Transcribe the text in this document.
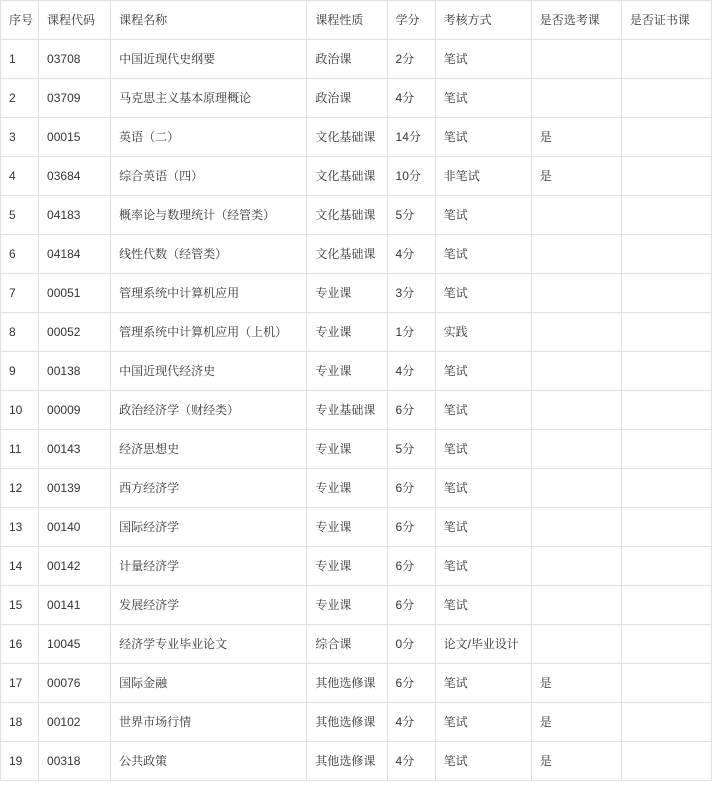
序号	课程代码	课程名称	课程性质	学分	考核方式	是否选考课	是否证书课
1	03708	中国近现代史纲要	政治课	2分	笔试		
2	03709	马克思主义基本原理概论	政治课	4分	笔试		
3	00015	英语（二）	文化基础课	14分	笔试	是	
4	03684	综合英语（四）	文化基础课	10分	非笔试	是	
5	04183	概率论与数理统计（经管类）	文化基础课	5分	笔试		
6	04184	线性代数（经管类）	文化基础课	4分	笔试		
7	00051	管理系统中计算机应用	专业课	3分	笔试		
8	00052	管理系统中计算机应用（上机）	专业课	1分	实践		
9	00138	中国近现代经济史	专业课	4分	笔试		
10	00009	政治经济学（财经类）	专业基础课	6分	笔试		
11	00143	经济思想史	专业课	5分	笔试		
12	00139	西方经济学	专业课	6分	笔试		
13	00140	国际经济学	专业课	6分	笔试		
14	00142	计量经济学	专业课	6分	笔试		
15	00141	发展经济学	专业课	6分	笔试		
16	10045	经济学专业毕业论文	综合课	0分	论文/毕业设计		
17	00076	国际金融	其他选修课	6分	笔试	是	
18	00102	世界市场行情	其他选修课	4分	笔试	是	
19	00318	公共政策	其他选修课	4分	笔试	是	
